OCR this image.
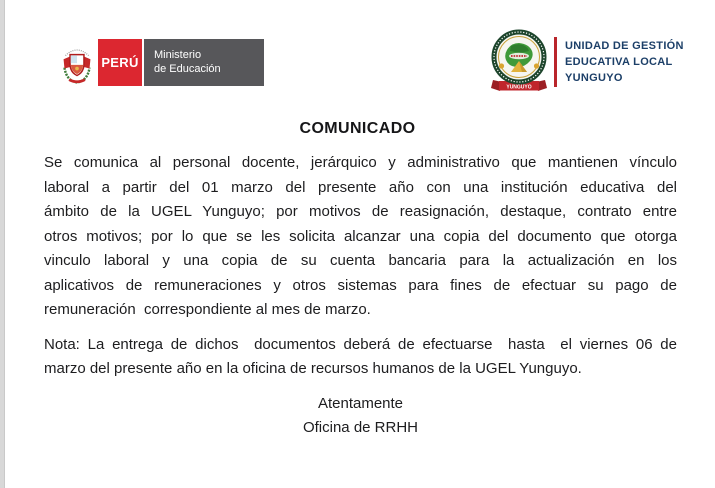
PERÚ Ministerio
de Educación
YUNGUYO
UNIDAD DE GESTIÓN
EDUCATIVA LOCAL
YUNGUYO
COMUNICADO
Se comunica al personal docente, jerárquico y administrativo que mantienen vínculo
laboral a partir del 01 marzo del presente año con una institución educativa del
ámbito de la UGEL Yunguyo; por motivos de reasignación, destaque, contrato entre
otros motivos; por lo que se les solicita alcanzar una copia del documento que otorga
vinculo laboral y una copia de su cuenta bancaria para la actualización en los
aplicativos de remuneraciones y otros sistemas para fines de efectuar su pago de
remuneración  correspondiente al mes de marzo.
Nota: La entrega de dichos  documentos deberá de efectuarse  hasta  el viernes 06 de
marzo del presente año en la oficina de recursos humanos de la UGEL Yunguyo.
Atentamente
Oficina de RRHH
